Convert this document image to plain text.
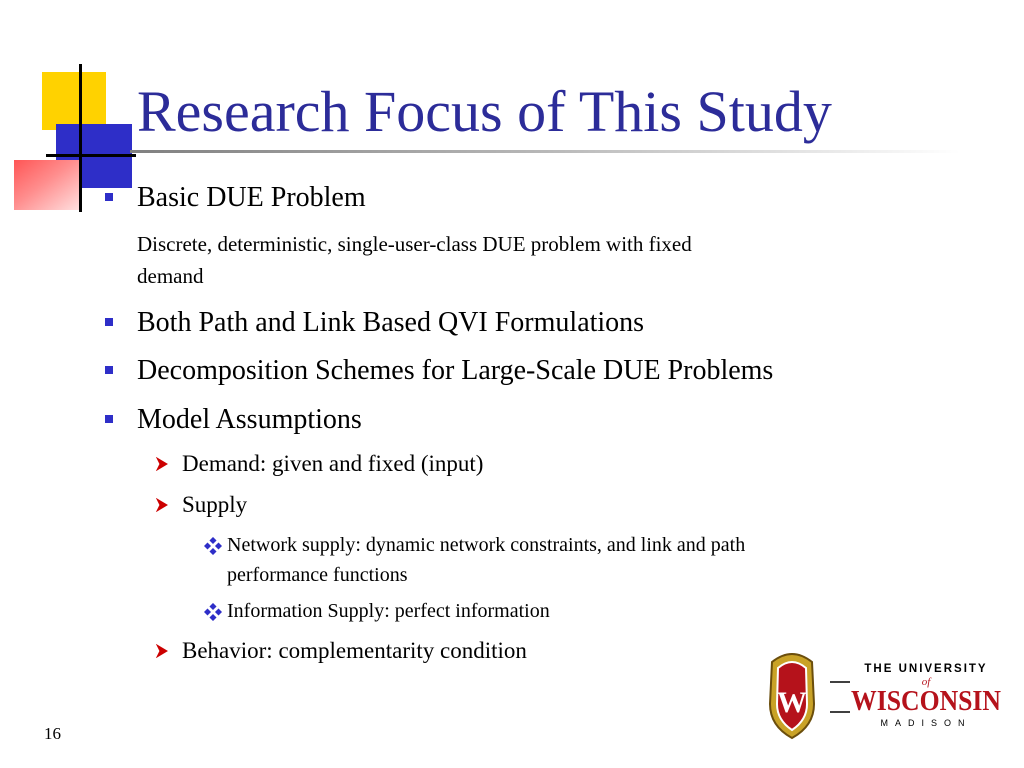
Research Focus of This Study
Basic DUE Problem
Discrete, deterministic, single-user-class DUE problem with fixed
demand
Both Path and Link Based QVI Formulations
Decomposition Schemes for Large-Scale DUE Problems
Model Assumptions
Demand: given and fixed (input)
Supply
Network supply: dynamic network constraints, and link and path
performance functions
Information Supply: perfect information
Behavior: complementarity condition
W
THE UNIVERSITY
of
WISCONSIN
MADISON
16
